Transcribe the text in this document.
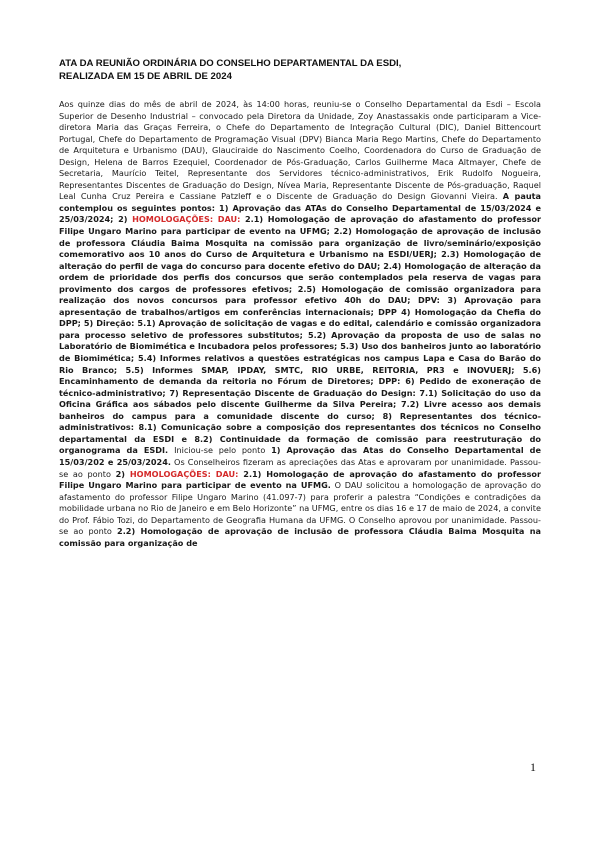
ATA DA REUNIÃO ORDINÁRIA DO CONSELHO DEPARTAMENTAL DA ESDI,
REALIZADA EM 15 DE ABRIL DE 2024

Aos quinze dias do mês de abril de 2024, às 14:00 horas, reuniu-se o Conselho Departamental da Esdi – Escola Superior de Desenho Industrial – convocado pela Diretora da Unidade, Zoy Anastassakis onde participaram a Vice-diretora Maria das Graças Ferreira, o Chefe do Departamento de Integração Cultural (DIC), Daniel Bittencourt Portugal, Chefe do Departamento de Programação Visual (DPV) Bianca Maria Rego Martins, Chefe do Departamento de Arquitetura e Urbanismo (DAU), Glauciraide do Nascimento Coelho, Coordenadora do Curso de Graduação de Design, Helena de Barros Ezequiel, Coordenador de Pós-Graduação, Carlos Guilherme Maca Altmayer, Chefe de Secretaria, Maurício Teitel, Representante dos Servidores técnico-administrativos, Erik Rudolfo Nogueira, Representantes Discentes de Graduação do Design, Nívea Maria, Representante Discente de Pós-graduação, Raquel Leal Cunha Cruz Pereira e Cassiane Patzleff e o Discente de Graduação do Design Giovanni Vieira. A pauta contemplou os seguintes pontos: 1) Aprovação das ATAs do Conselho Departamental de 15/03/2024 e 25/03/2024; 2) HOMOLOGAÇÕES: DAU: 2.1) Homologação de aprovação do afastamento do professor Filipe Ungaro Marino para participar de evento na UFMG; 2.2) Homologação de aprovação de inclusão de professora Cláudia Baima Mosquita na comissão para organização de livro/seminário/exposição comemorativo aos 10 anos do Curso de Arquitetura e Urbanismo na ESDI/UERJ; 2.3) Homologação de alteração do perfil de vaga do concurso para docente efetivo do DAU; 2.4) Homologação de alteração da ordem de prioridade dos perfis dos concursos que serão contemplados pela reserva de vagas para provimento dos cargos de professores efetivos; 2.5) Homologação de comissão organizadora para realização dos novos concursos para professor efetivo 40h do DAU; DPV: 3) Aprovação para apresentação de trabalhos/artigos em conferências internacionais; DPP 4) Homologação da Chefia do DPP; 5) Direção: 5.1) Aprovação de solicitação de vagas e do edital, calendário e comissão organizadora para processo seletivo de professores substitutos; 5.2) Aprovação da proposta de uso de salas no Laboratório de Biomimética e Incubadora pelos professores; 5.3) Uso dos banheiros junto ao laboratório de Biomimética; 5.4) Informes relativos a questões estratégicas nos campus Lapa e Casa do Barão do Rio Branco; 5.5) Informes SMAP, IPDAY, SMTC, RIO URBE, REITORIA, PR3 e INOVUERJ; 5.6) Encaminhamento de demanda da reitoria no Fórum de Diretores; DPP: 6) Pedido de exoneração de técnico-administrativo; 7) Representação Discente de Graduação do Design: 7.1) Solicitação do uso da Oficina Gráfica aos sábados pelo discente Guilherme da Silva Pereira; 7.2) Livre acesso aos demais banheiros do campus para a comunidade discente do curso; 8) Representantes dos técnico-administrativos: 8.1) Comunicação sobre a composição dos representantes dos técnicos no Conselho departamental da ESDI e 8.2) Continuidade da formação de comissão para reestruturação do organograma da ESDI. Iniciou-se pelo ponto 1) Aprovação das Atas do Conselho Departamental de 15/03/202 e 25/03/2024. Os Conselheiros fizeram as apreciações das Atas e aprovaram por unanimidade. Passou-se ao ponto 2) HOMOLOGAÇÕES: DAU: 2.1) Homologação de aprovação do afastamento do professor Filipe Ungaro Marino para participar de evento na UFMG. O DAU solicitou a homologação de aprovação do afastamento do professor Filipe Ungaro Marino (41.097-7) para proferir a palestra “Condições e contradições da mobilidade urbana no Rio de Janeiro e em Belo Horizonte” na UFMG, entre os dias 16 e 17 de maio de 2024, a convite do Prof. Fábio Tozi, do Departamento de Geografia Humana da UFMG. O Conselho aprovou por unanimidade. Passou-se ao ponto 2.2) Homologação de aprovação de inclusão de professora Cláudia Baima Mosquita na comissão para organização de

1
